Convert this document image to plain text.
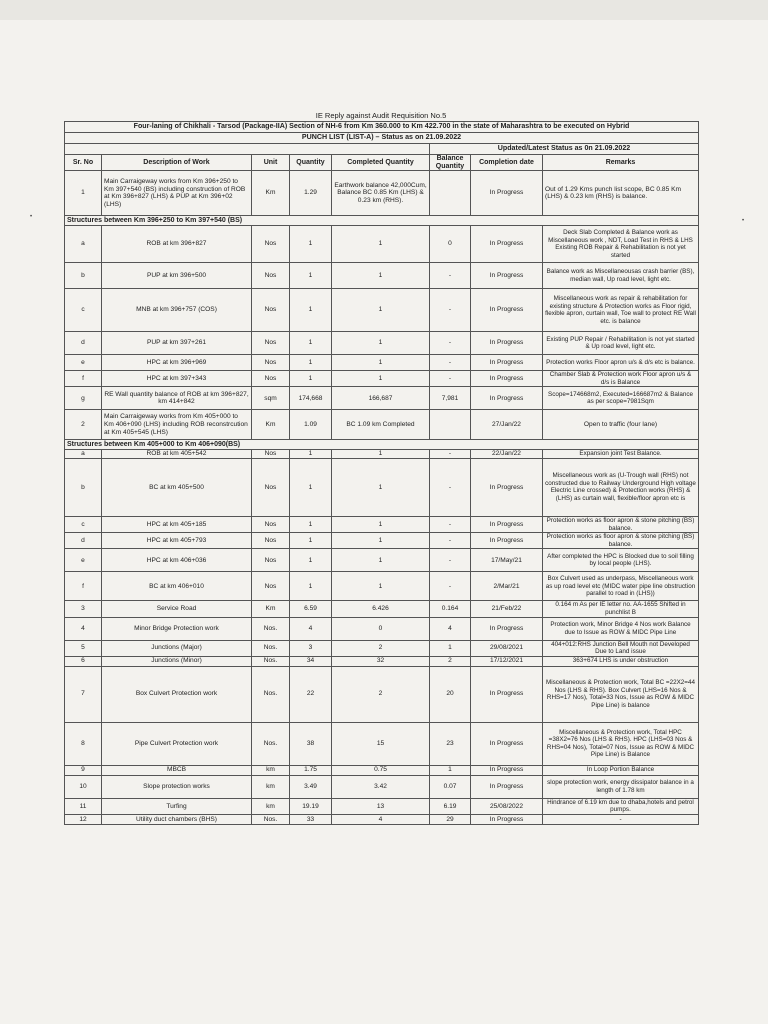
•
•
IE Reply against Audit Requisition No.5
Four-laning of Chikhali - Tarsod (Package-IIA) Section of NH-6 from Km 360.000 to Km 422.700 in the state of Maharashtra to be executed on Hybrid							
PUNCH LIST (LIST-A) – Status as on 21.09.2022							
					Updated/Latest Status as 0n 21.09.2022		
Sr. No	Description of Work	Unit	Quantity	Completed Quantity	Balance Quantity	Completion date	Remarks
1	Main Carraigeway works from Km 396+250 to Km 397+540 (BS) including construction of ROB at Km 396+827 (LHS) & PUP at Km 396+02 (LHS)	Km	1.29	Earthwork balance 42,000Cum, Balance BC 0.85 Km (LHS) & 0.23 km (RHS).		In Progress	Out of 1.29 Kms punch list scope, BC 0.85 Km (LHS) & 0.23 km (RHS) is balance.
Structures between Km 396+250 to Km 397+540 (BS)							
a	ROB at km 396+827	Nos	1	1	0	In Progress	Deck Slab Completed & Balance work as Miscellaneous work , NDT, Load Test in RHS & LHS Existing ROB Repair & Rehabilitation is not yet started
b	PUP at km 396+500	Nos	1	1	-	In Progress	Balance work as Miscellaneousas crash barrier (BS), median wall, Up road level, light etc.
c	MNB at km 396+757 (COS)	Nos	1	1	-	In Progress	Miscellaneous work as repair & rehabilitation for existing structure & Protection works as Floor rigid, flexible apron, curtain wall, Toe wall to protect RE Wall etc. is balance
d	PUP at km 397+261	Nos	1	1	-	In Progress	Existing PUP Repair / Rehabilitation is not yet started & Up road level, light etc.
e	HPC at km 396+969	Nos	1	1	-	In Progress	Protection works Floor apron u/s & d/s etc is balance.
f	HPC at km 397+343	Nos	1	1	-	In Progress	Chamber Slab & Protection work Floor apron u/s & d/s is Balance
g	RE Wall quantity balance of ROB at km 396+827, km 414+842	sqm	174,668	166,687	7,981	In Progress	Scope=174668m2, Executed=166687m2 & Balance as per scope=7981Sqm
2	Main Carraigeway works from Km 405+000 to Km 406+090 (LHS) including ROB reconstrcution at Km 405+545 (LHS)	Km	1.09	BC 1.09 km Completed		27/Jan/22	Open to traffic (four lane)
Structures between Km 405+000 to Km 406+090(BS)							
a	ROB at km 405+542	Nos	1	1	-	22/Jan/22	Expansion joint Test Balance.
b	BC at km 405+500	Nos	1	1	-	In Progress	Miscellaneous work as (U-Trough wall (RHS) not constructed due to Railway Underground High voltage Electric Line crossed) & Protection works (RHS) & (LHS) as curtain wall, flexible/floor apron etc is
c	HPC at km 405+185	Nos	1	1	-	In Progress	Protection works as floor apron & stone pitching (BS) balance.
d	HPC at km 405+793	Nos	1	1	-	In Progress	Protection works as floor apron & stone pitching (BS) balance.
e	HPC at km 406+036	Nos	1	1	-	17/May/21	After completed the HPC is Blocked due to soil filling by local people (LHS).
f	BC at km 406+010	Nos	1	1	-	2/Mar/21	Box Culvert used as underpass, Miscellaneous work as up road level etc (MIDC water pipe line obstruction parallel to road in (LHS))
3	Service Road	Km	6.59	6.426	0.164	21/Feb/22	0.164 m As per IE letter no. AA-1655 Shifted in punchlist B
4	Minor Bridge Protection work	Nos.	4	0	4	In Progress	Protection work, Minor Bridge 4 Nos work Balance due to Issue as ROW & MIDC Pipe Line
5	Junctions (Major)	Nos.	3	2	1	29/08/2021	404+012:RHS Junction Bell Mouth not Developed Due to Land issue
6	Junctions (Minor)	Nos.	34	32	2	17/12/2021	363+674 LHS is under obstruction
7	Box Culvert Protection work	Nos.	22	2	20	In Progress	Miscellaneous & Protection work, Total BC =22X2=44 Nos (LHS & RHS). Box Culvert (LHS=16 Nos & RHS=17 Nos), Total=33 Nos, Issue as ROW & MIDC Pipe Line) is balance
8	Pipe Culvert Protection work	Nos.	38	15	23	In Progress	Miscellaneous & Protection work, Total HPC =38X2=76 Nos (LHS & RHS). HPC (LHS=03 Nos & RHS=04 Nos), Total=07 Nos, Issue as ROW & MIDC Pipe Line) is Balance
9	MBCB	km	1.75	0.75	1	In Progress	In Loop Portion Balance
10	Slope protection works	km	3.49	3.42	0.07	In Progress	slope protection work, energy dissipator balance in a length of 1.78 km
11	Turfing	km	19.19	13	6.19	25/08/2022	Hindrance of 6.19 km due to dhaba,hotels and petrol pumps.
12	Utility duct chambers (BHS)	Nos.	33	4	29	In Progress	-
